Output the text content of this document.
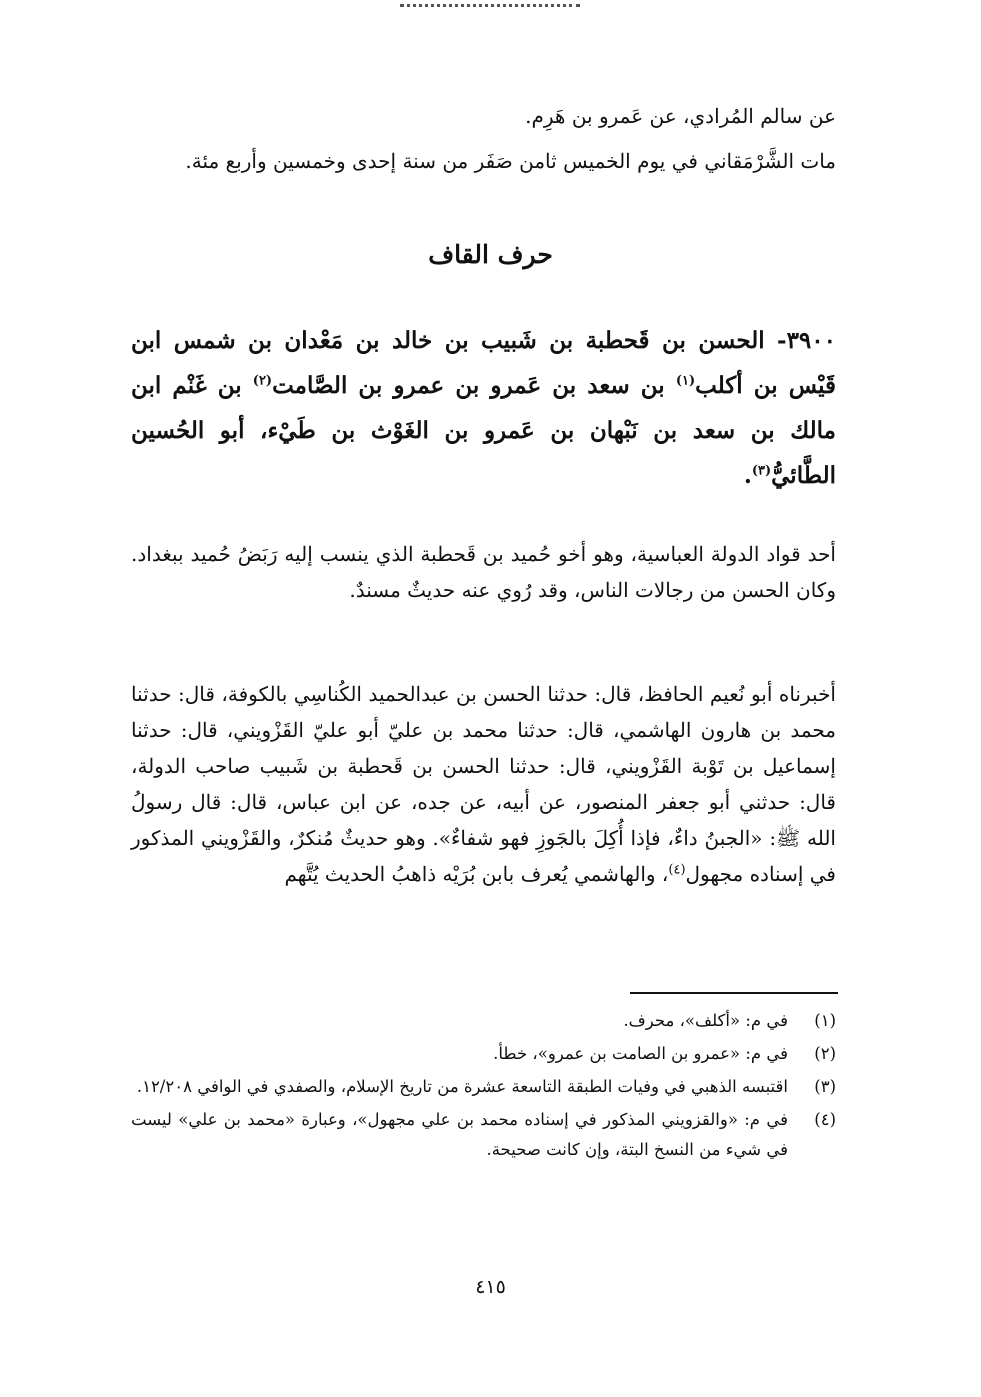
عن سالم المُرادي، عن عَمرو بن هَرِم.

مات الشَّرْمَقاني في يوم الخميس ثامن صَفَر من سنة إحدى وخمسين وأربع مئة.

حرف القاف

٣٩٠٠- الحسن بن قَحطبة بن شَبيب بن خالد بن مَعْدان بن شمس ابن قَيْس بن أكلب$^{(١)}$ بن سعد بن عَمرو بن عمرو بن الصَّامت$^{(٢)}$ بن غَنْم ابن مالك بن سعد بن نَبْهان بن عَمرو بن الغَوْث بن طَيْء، أبو الحُسين الطَّائيُّ$^{(٣)}$.

أحد قواد الدولة العباسية، وهو أخو حُميد بن قَحطبة الذي ينسب إليه رَبَضُ حُميد ببغداد. وكان الحسن من رجالات الناس، وقد رُوي عنه حديثٌ مسندٌ.

أخبرناه أبو نُعيم الحافظ، قال: حدثنا الحسن بن عبدالحميد الكُناسِي بالكوفة، قال: حدثنا محمد بن هارون الهاشمي، قال: حدثنا محمد بن عليّ أبو عليّ القَزْويني، قال: حدثنا إسماعيل بن تَوْبة القَزْويني، قال: حدثنا الحسن بن قَحطبة بن شَبيب صاحب الدولة، قال: حدثني أبو جعفر المنصور، عن أبيه، عن جده، عن ابن عباس، قال: قال رسولُ الله ﷺ: «الجبنُ داءٌ، فإذا أُكِلَ بالجَوزِ فهو شفاءٌ». وهو حديثٌ مُنكرٌ، والقَزْويني المذكور في إسناده مجهول$^{(٤)}$، والهاشمي يُعرف بابن بُرَيْه ذاهبُ الحديث يُتَّهم

(١)
في م: «أكلف»، محرف.
(٢)
في م: «عمرو بن الصامت بن عمرو»، خطأ.
(٣)
اقتبسه الذهبي في وفيات الطبقة التاسعة عشرة من تاريخ الإسلام، والصفدي في الوافي ١٢/٢٠٨.
(٤)
في م: «والقزويني المذكور في إسناده محمد بن علي مجهول»، وعبارة «محمد بن علي» ليست في شيء من النسخ البتة، وإن كانت صحيحة.
٤١٥
